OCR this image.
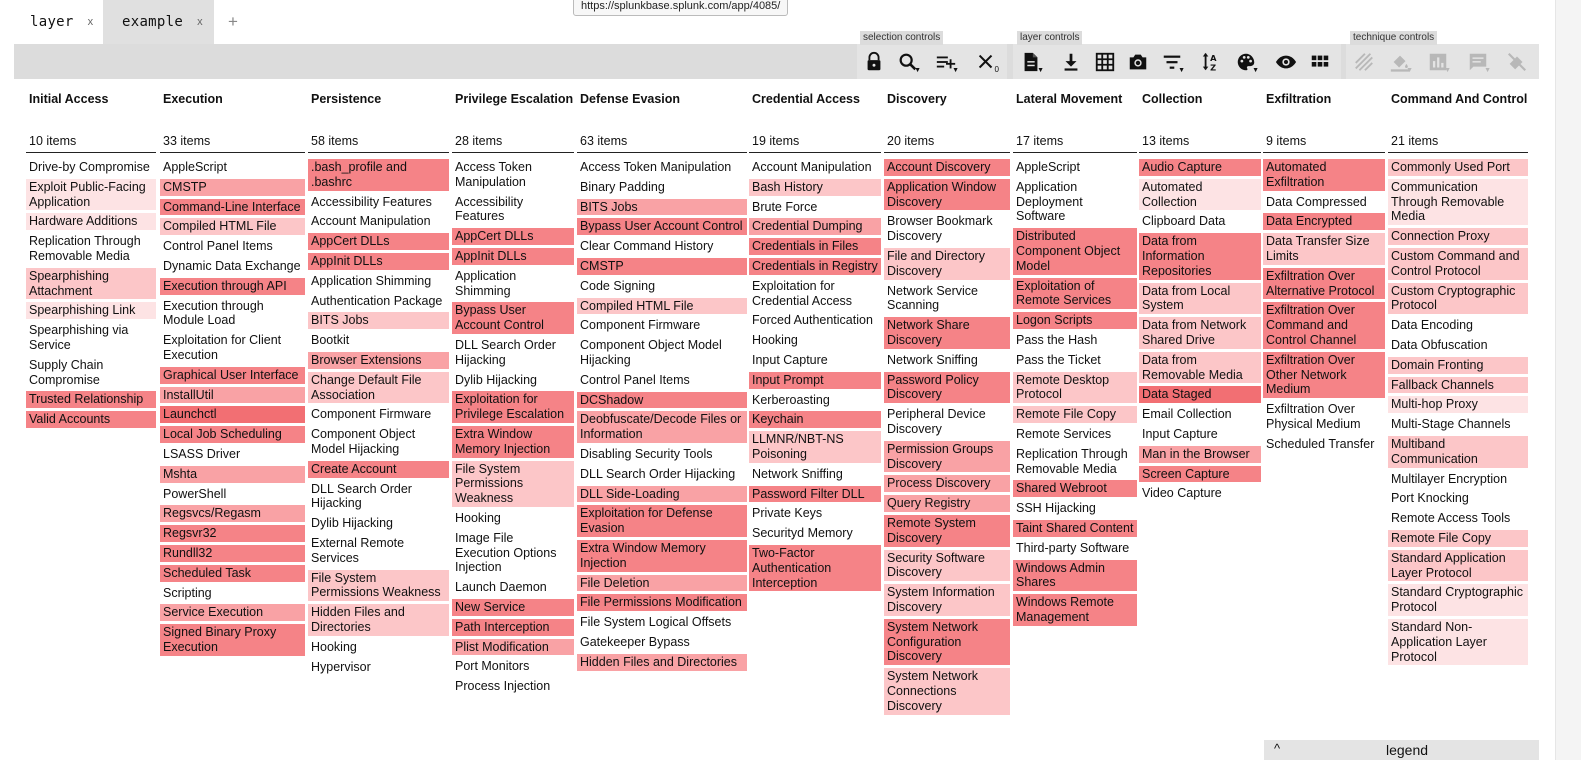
layer x example x +
https://splunkbase.splunk.com/app/4085/
selection controls	layer controls	technique controls
▼	▼	0	▼	▼
A
Z	▼	▼	▼	▼
Initial Access
10 items
Drive-by Compromise
Exploit Public-Facing Application
Hardware Additions
Replication Through Removable Media
Spearphishing Attachment
Spearphishing Link
Spearphishing via Service
Supply Chain Compromise
Trusted Relationship
Valid Accounts
Execution
33 items
AppleScript
CMSTP
Command-Line Interface
Compiled HTML File
Control Panel Items
Dynamic Data Exchange
Execution through API
Execution through Module Load
Exploitation for Client Execution
Graphical User Interface
InstallUtil
Launchctl
Local Job Scheduling
LSASS Driver
Mshta
PowerShell
Regsvcs/Regasm
Regsvr32
Rundll32
Scheduled Task
Scripting
Service Execution
Signed Binary Proxy Execution
Persistence
58 items
.bash_profile and .bashrc
Accessibility Features
Account Manipulation
AppCert DLLs
AppInit DLLs
Application Shimming
Authentication Package
BITS Jobs
Bootkit
Browser Extensions
Change Default File Association
Component Firmware
Component Object Model Hijacking
Create Account
DLL Search Order Hijacking
Dylib Hijacking
External Remote Services
File System Permissions Weakness
Hidden Files and Directories
Hooking
Hypervisor
Privilege Escalation
28 items
Access Token Manipulation
Accessibility Features
AppCert DLLs
AppInit DLLs
Application Shimming
Bypass User Account Control
DLL Search Order Hijacking
Dylib Hijacking
Exploitation for Privilege Escalation
Extra Window Memory Injection
File System Permissions Weakness
Hooking
Image File Execution Options Injection
Launch Daemon
New Service
Path Interception
Plist Modification
Port Monitors
Process Injection
Defense Evasion
63 items
Access Token Manipulation
Binary Padding
BITS Jobs
Bypass User Account Control
Clear Command History
CMSTP
Code Signing
Compiled HTML File
Component Firmware
Component Object Model Hijacking
Control Panel Items
DCShadow
Deobfuscate/Decode Files or Information
Disabling Security Tools
DLL Search Order Hijacking
DLL Side-Loading
Exploitation for Defense Evasion
Extra Window Memory Injection
File Deletion
File Permissions Modification
File System Logical Offsets
Gatekeeper Bypass
Hidden Files and Directories
Credential Access
19 items
Account Manipulation
Bash History
Brute Force
Credential Dumping
Credentials in Files
Credentials in Registry
Exploitation for Credential Access
Forced Authentication
Hooking
Input Capture
Input Prompt
Kerberoasting
Keychain
LLMNR/NBT-NS Poisoning
Network Sniffing
Password Filter DLL
Private Keys
Securityd Memory
Two-Factor Authentication Interception
Discovery
20 items
Account Discovery
Application Window Discovery
Browser Bookmark Discovery
File and Directory Discovery
Network Service Scanning
Network Share Discovery
Network Sniffing
Password Policy Discovery
Peripheral Device Discovery
Permission Groups Discovery
Process Discovery
Query Registry
Remote System Discovery
Security Software Discovery
System Information Discovery
System Network Configuration Discovery
System Network Connections Discovery
Lateral Movement
17 items
AppleScript
Application Deployment Software
Distributed Component Object Model
Exploitation of Remote Services
Logon Scripts
Pass the Hash
Pass the Ticket
Remote Desktop Protocol
Remote File Copy
Remote Services
Replication Through Removable Media
Shared Webroot
SSH Hijacking
Taint Shared Content
Third-party Software
Windows Admin Shares
Windows Remote Management
Collection
13 items
Audio Capture
Automated Collection
Clipboard Data
Data from Information Repositories
Data from Local System
Data from Network Shared Drive
Data from Removable Media
Data Staged
Email Collection
Input Capture
Man in the Browser
Screen Capture
Video Capture
Exfiltration
9 items
Automated Exfiltration
Data Compressed
Data Encrypted
Data Transfer Size Limits
Exfiltration Over Alternative Protocol
Exfiltration Over Command and Control Channel
Exfiltration Over Other Network Medium
Exfiltration Over Physical Medium
Scheduled Transfer
Command And Control
21 items
Commonly Used Port
Communication Through Removable Media
Connection Proxy
Custom Command and Control Protocol
Custom Cryptographic Protocol
Data Encoding
Data Obfuscation
Domain Fronting
Fallback Channels
Multi-hop Proxy
Multi-Stage Channels
Multiband Communication
Multilayer Encryption
Port Knocking
Remote Access Tools
Remote File Copy
Standard Application Layer Protocol
Standard Cryptographic Protocol
Standard Non-Application Layer Protocol
^	legend
